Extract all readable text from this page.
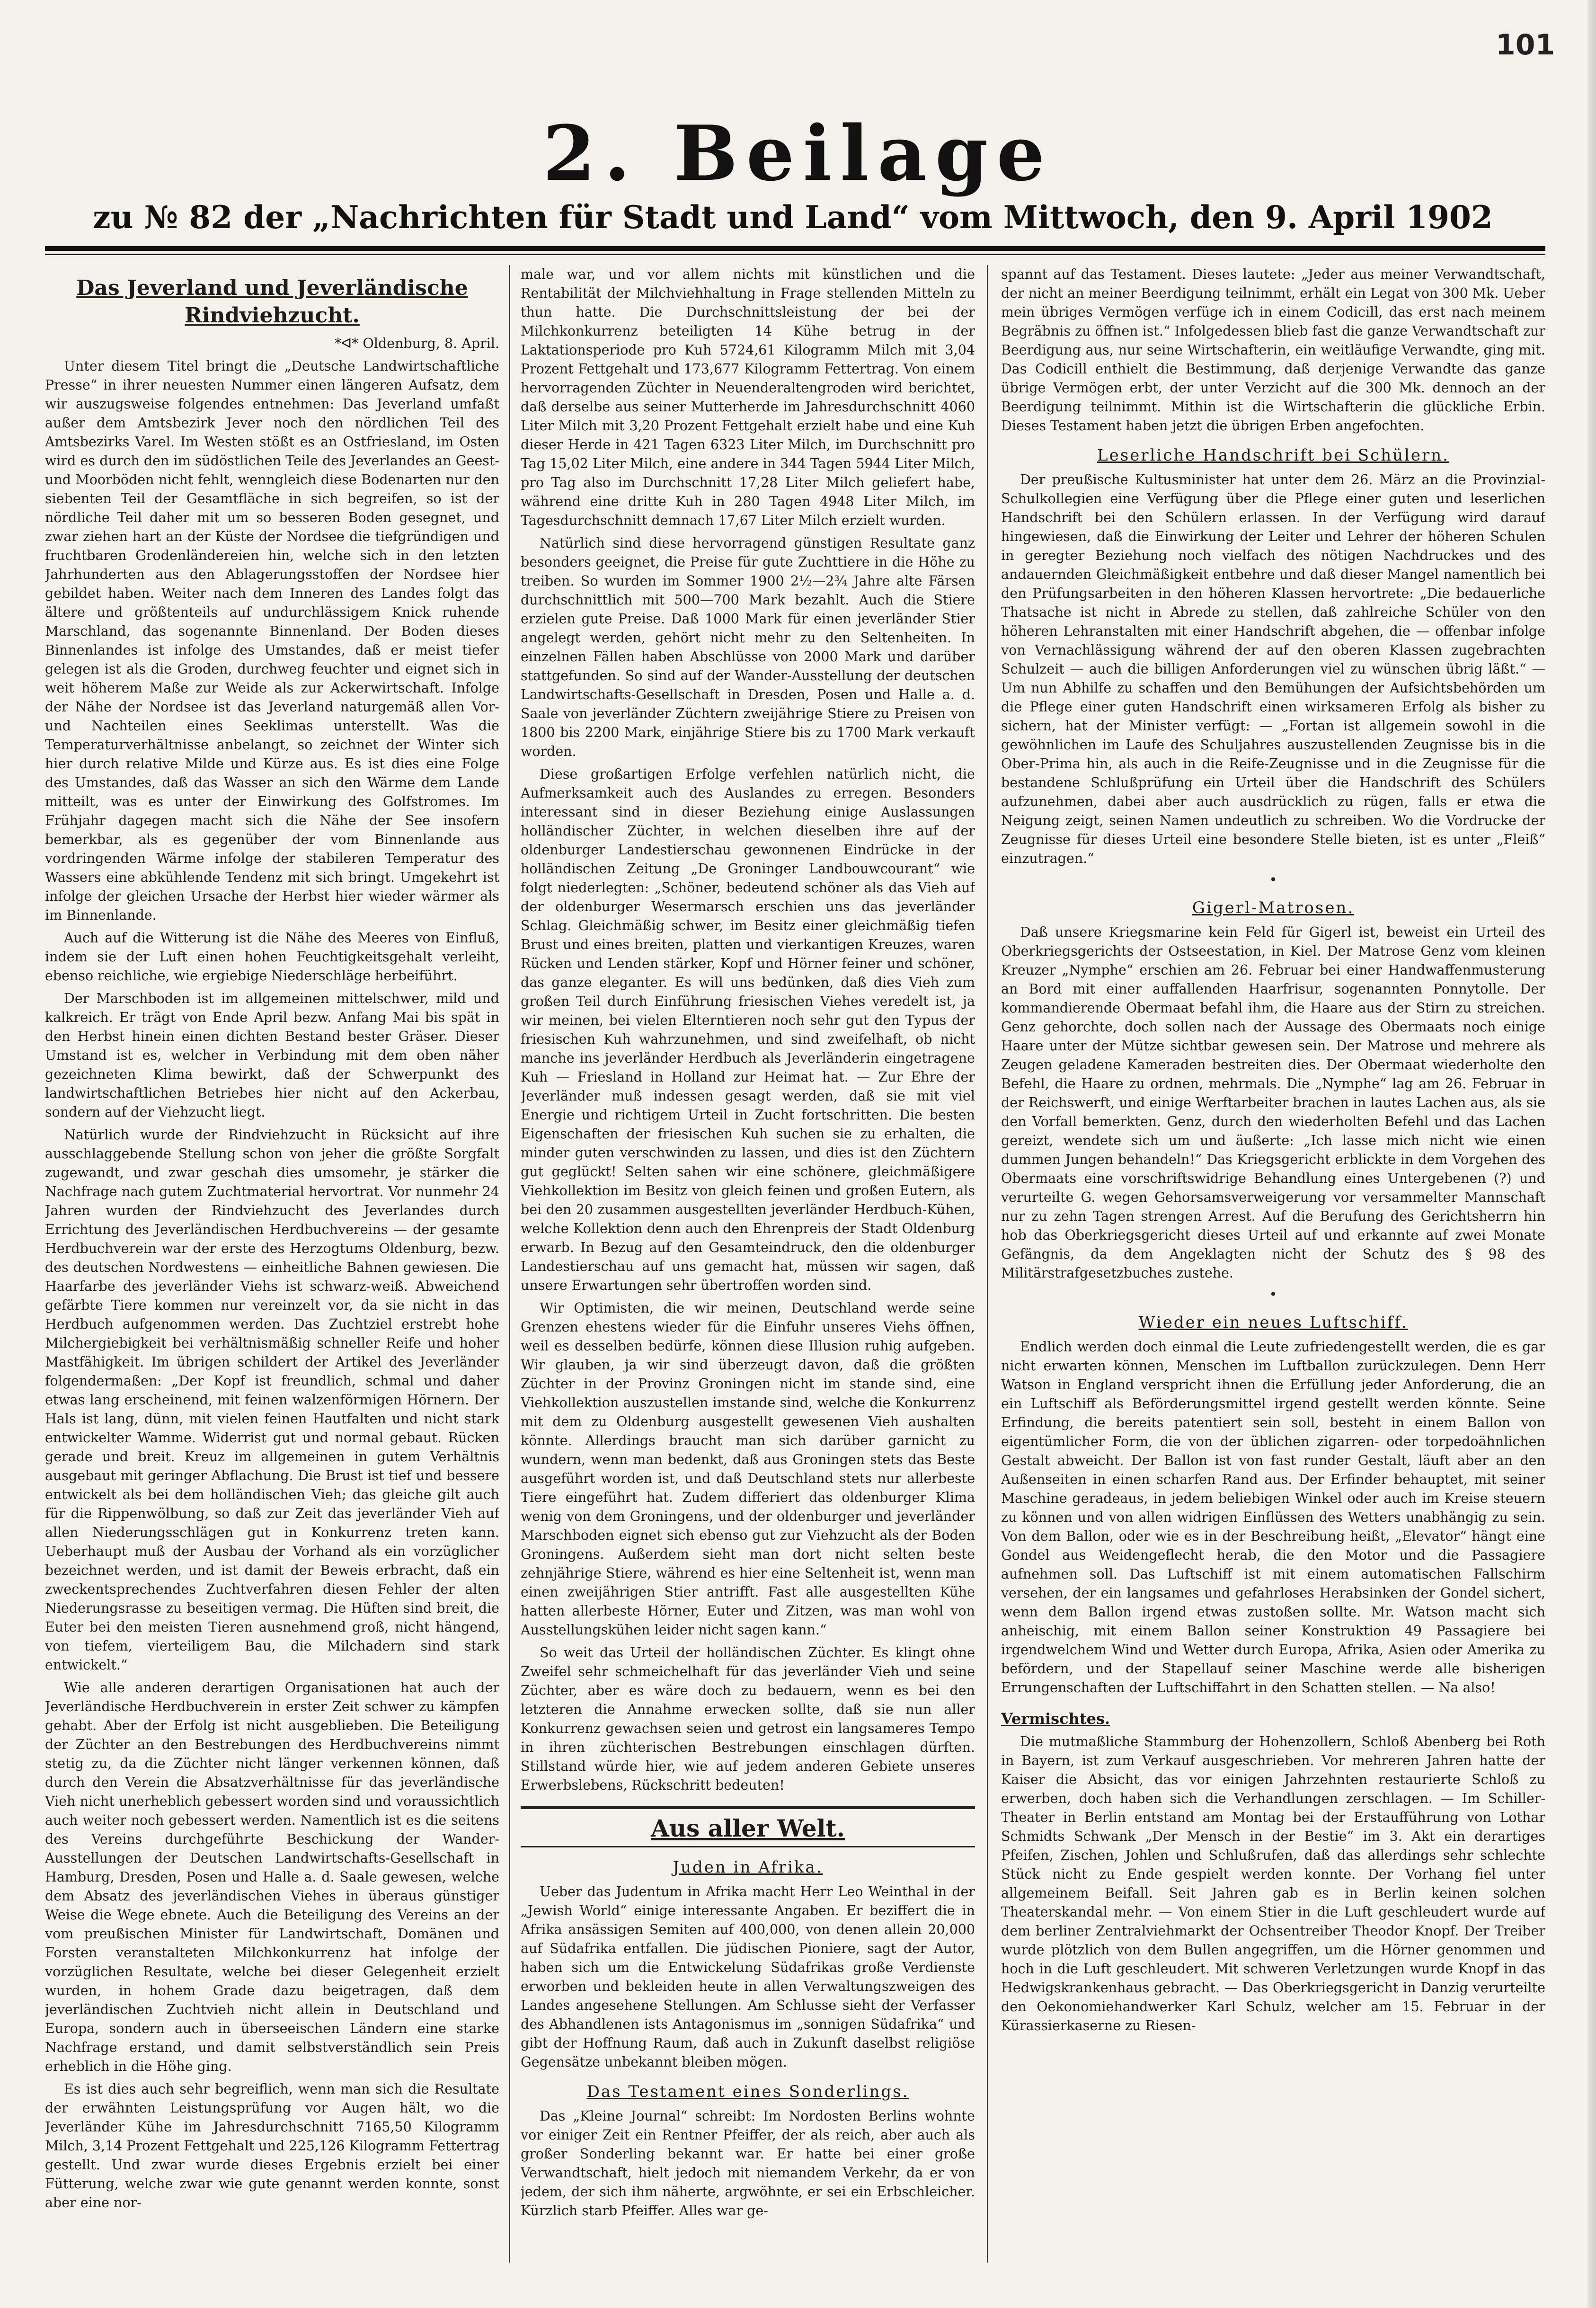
101
2. Beilage
zu № 82 der „Nachrichten für Stadt und Land“ vom Mittwoch, den 9. April 1902
Das Jeverland und Jeverländische Rindviehzucht.

*ᐊ* Oldenburg, 8. April.

Unter diesem Titel bringt die „Deutsche Landwirtschaftliche Presse“ in ihrer neuesten Nummer einen längeren Aufsatz, dem wir auszugsweise folgendes entnehmen: Das Jeverland umfaßt außer dem Amtsbezirk Jever noch den nördlichen Teil des Amtsbezirks Varel. Im Westen stößt es an Ostfriesland, im Osten wird es durch den im südöstlichen Teile des Jeverlandes an Geest- und Moorböden nicht fehlt, wenngleich diese Bodenarten nur den siebenten Teil der Gesamtfläche in sich begreifen, so ist der nördliche Teil daher mit um so besseren Boden gesegnet, und zwar ziehen hart an der Küste der Nordsee die tiefgründigen und fruchtbaren Grodenländereien hin, welche sich in den letzten Jahrhunderten aus den Ablagerungsstoffen der Nordsee hier gebildet haben. Weiter nach dem Inneren des Landes folgt das ältere und größtenteils auf undurchlässigem Knick ruhende Marschland, das sogenannte Binnenland. Der Boden dieses Binnenlandes ist infolge des Umstandes, daß er meist tiefer gelegen ist als die Groden, durchweg feuchter und eignet sich in weit höherem Maße zur Weide als zur Ackerwirtschaft. Infolge der Nähe der Nordsee ist das Jeverland naturgemäß allen Vor- und Nachteilen eines Seeklimas unterstellt. Was die Temperaturverhältnisse anbelangt, so zeichnet der Winter sich hier durch relative Milde und Kürze aus. Es ist dies eine Folge des Umstandes, daß das Wasser an sich den Wärme dem Lande mitteilt, was es unter der Einwirkung des Golfstromes. Im Frühjahr dagegen macht sich die Nähe der See insofern bemerkbar, als es gegenüber der vom Binnenlande aus vordringenden Wärme infolge der stabileren Temperatur des Wassers eine abkühlende Tendenz mit sich bringt. Umgekehrt ist infolge der gleichen Ursache der Herbst hier wieder wärmer als im Binnenlande.

Auch auf die Witterung ist die Nähe des Meeres von Einfluß, indem sie der Luft einen hohen Feuchtigkeitsgehalt verleiht, ebenso reichliche, wie ergiebige Niederschläge herbeiführt.

Der Marschboden ist im allgemeinen mittelschwer, mild und kalkreich. Er trägt von Ende April bezw. Anfang Mai bis spät in den Herbst hinein einen dichten Bestand bester Gräser. Dieser Umstand ist es, welcher in Verbindung mit dem oben näher gezeichneten Klima bewirkt, daß der Schwerpunkt des landwirtschaftlichen Betriebes hier nicht auf den Ackerbau, sondern auf der Viehzucht liegt.

Natürlich wurde der Rindviehzucht in Rücksicht auf ihre ausschlaggebende Stellung schon von jeher die größte Sorgfalt zugewandt, und zwar geschah dies umsomehr, je stärker die Nachfrage nach gutem Zuchtmaterial hervortrat. Vor nunmehr 24 Jahren wurden der Rindviehzucht des Jeverlandes durch Errichtung des Jeverländischen Herdbuchvereins — der gesamte Herdbuchverein war der erste des Herzogtums Oldenburg, bezw. des deutschen Nordwestens — einheitliche Bahnen gewiesen. Die Haarfarbe des jeverländer Viehs ist schwarz-weiß. Abweichend gefärbte Tiere kommen nur vereinzelt vor, da sie nicht in das Herdbuch aufgenommen werden. Das Zuchtziel erstrebt hohe Milchergiebigkeit bei verhältnismäßig schneller Reife und hoher Mastfähigkeit. Im übrigen schildert der Artikel des Jeverländer folgendermaßen: „Der Kopf ist freundlich, schmal und daher etwas lang erscheinend, mit feinen walzenförmigen Hörnern. Der Hals ist lang, dünn, mit vielen feinen Hautfalten und nicht stark entwickelter Wamme. Widerrist gut und normal gebaut. Rücken gerade und breit. Kreuz im allgemeinen in gutem Verhältnis ausgebaut mit geringer Abflachung. Die Brust ist tief und bessere entwickelt als bei dem holländischen Vieh; das gleiche gilt auch für die Rippenwölbung, so daß zur Zeit das jeverländer Vieh auf allen Niederungsschlägen gut in Konkurrenz treten kann. Ueberhaupt muß der Ausbau der Vorhand als ein vorzüglicher bezeichnet werden, und ist damit der Beweis erbracht, daß ein zweckentsprechendes Zuchtverfahren diesen Fehler der alten Niederungsrasse zu beseitigen vermag. Die Hüften sind breit, die Euter bei den meisten Tieren ausnehmend groß, nicht hängend, von tiefem, vierteiligem Bau, die Milchadern sind stark entwickelt.“

Wie alle anderen derartigen Organisationen hat auch der Jeverländische Herdbuchverein in erster Zeit schwer zu kämpfen gehabt. Aber der Erfolg ist nicht ausgeblieben. Die Beteiligung der Züchter an den Bestrebungen des Herdbuchvereins nimmt stetig zu, da die Züchter nicht länger verkennen können, daß durch den Verein die Absatzverhältnisse für das jeverländische Vieh nicht unerheblich gebessert worden sind und voraussichtlich auch weiter noch gebessert werden. Namentlich ist es die seitens des Vereins durchgeführte Beschickung der Wander-Ausstellungen der Deutschen Landwirtschafts-Gesellschaft in Hamburg, Dresden, Posen und Halle a. d. Saale gewesen, welche dem Absatz des jeverländischen Viehes in überaus günstiger Weise die Wege ebnete. Auch die Beteiligung des Vereins an der vom preußischen Minister für Landwirtschaft, Domänen und Forsten veranstalteten Milchkonkurrenz hat infolge der vorzüglichen Resultate, welche bei dieser Gelegenheit erzielt wurden, in hohem Grade dazu beigetragen, daß dem jeverländischen Zuchtvieh nicht allein in Deutschland und Europa, sondern auch in überseeischen Ländern eine starke Nachfrage erstand, und damit selbstverständlich sein Preis erheblich in die Höhe ging.

Es ist dies auch sehr begreiflich, wenn man sich die Resultate der erwähnten Leistungsprüfung vor Augen hält, wo die Jeverländer Kühe im Jahresdurchschnitt 7165,50 Kilogramm Milch, 3,14 Prozent Fettgehalt und 225,126 Kilogramm Fettertrag gestellt. Und zwar wurde dieses Ergebnis erzielt bei einer Fütterung, welche zwar wie gute genannt werden konnte, sonst aber eine nor-

male war, und vor allem nichts mit künstlichen und die Rentabilität der Milchviehhaltung in Frage stellenden Mitteln zu thun hatte. Die Durchschnittsleistung der bei der Milchkonkurrenz beteiligten 14 Kühe betrug in der Laktationsperiode pro Kuh 5724,61 Kilogramm Milch mit 3,04 Prozent Fettgehalt und 173,677 Kilogramm Fettertrag. Von einem hervorragenden Züchter in Neuenderaltengroden wird berichtet, daß derselbe aus seiner Mutterherde im Jahresdurchschnitt 4060 Liter Milch mit 3,20 Prozent Fettgehalt erzielt habe und eine Kuh dieser Herde in 421 Tagen 6323 Liter Milch, im Durchschnitt pro Tag 15,02 Liter Milch, eine andere in 344 Tagen 5944 Liter Milch, pro Tag also im Durchschnitt 17,28 Liter Milch geliefert habe, während eine dritte Kuh in 280 Tagen 4948 Liter Milch, im Tagesdurchschnitt demnach 17,67 Liter Milch erzielt wurden.

Natürlich sind diese hervorragend günstigen Resultate ganz besonders geeignet, die Preise für gute Zuchttiere in die Höhe zu treiben. So wurden im Sommer 1900 2½—2¾ Jahre alte Färsen durchschnittlich mit 500—700 Mark bezahlt. Auch die Stiere erzielen gute Preise. Daß 1000 Mark für einen jeverländer Stier angelegt werden, gehört nicht mehr zu den Seltenheiten. In einzelnen Fällen haben Abschlüsse von 2000 Mark und darüber stattgefunden. So sind auf der Wander-Ausstellung der deutschen Landwirtschafts-Gesellschaft in Dresden, Posen und Halle a. d. Saale von jeverländer Züchtern zweijährige Stiere zu Preisen von 1800 bis 2200 Mark, einjährige Stiere bis zu 1700 Mark verkauft worden.

Diese großartigen Erfolge verfehlen natürlich nicht, die Aufmerksamkeit auch des Auslandes zu erregen. Besonders interessant sind in dieser Beziehung einige Auslassungen holländischer Züchter, in welchen dieselben ihre auf der oldenburger Landestierschau gewonnenen Eindrücke in der holländischen Zeitung „De Groninger Landbouwcourant“ wie folgt niederlegten: „Schöner, bedeutend schöner als das Vieh auf der oldenburger Wesermarsch erschien uns das jeverländer Schlag. Gleichmäßig schwer, im Besitz einer gleichmäßig tiefen Brust und eines breiten, platten und vierkantigen Kreuzes, waren Rücken und Lenden stärker, Kopf und Hörner feiner und schöner, das ganze eleganter. Es will uns bedünken, daß dies Vieh zum großen Teil durch Einführung friesischen Viehes veredelt ist, ja wir meinen, bei vielen Elterntieren noch sehr gut den Typus der friesischen Kuh wahrzunehmen, und sind zweifelhaft, ob nicht manche ins jeverländer Herdbuch als Jeverländerin eingetragene Kuh — Friesland in Holland zur Heimat hat. — Zur Ehre der Jeverländer muß indessen gesagt werden, daß sie mit viel Energie und richtigem Urteil in Zucht fortschritten. Die besten Eigenschaften der friesischen Kuh suchen sie zu erhalten, die minder guten verschwinden zu lassen, und dies ist den Züchtern gut geglückt! Selten sahen wir eine schönere, gleichmäßigere Viehkollektion im Besitz von gleich feinen und großen Eutern, als bei den 20 zusammen ausgestellten jeverländer Herdbuch-Kühen, welche Kollektion denn auch den Ehrenpreis der Stadt Oldenburg erwarb. In Bezug auf den Gesamteindruck, den die oldenburger Landestierschau auf uns gemacht hat, müssen wir sagen, daß unsere Erwartungen sehr übertroffen worden sind.

Wir Optimisten, die wir meinen, Deutschland werde seine Grenzen ehestens wieder für die Einfuhr unseres Viehs öffnen, weil es desselben bedürfe, können diese Illusion ruhig aufgeben. Wir glauben, ja wir sind überzeugt davon, daß die größten Züchter in der Provinz Groningen nicht im stande sind, eine Viehkollektion auszustellen imstande sind, welche die Konkurrenz mit dem zu Oldenburg ausgestellt gewesenen Vieh aushalten könnte. Allerdings braucht man sich darüber garnicht zu wundern, wenn man bedenkt, daß aus Groningen stets das Beste ausgeführt worden ist, und daß Deutschland stets nur allerbeste Tiere eingeführt hat. Zudem differiert das oldenburger Klima wenig von dem Groningens, und der oldenburger und jeverländer Marschboden eignet sich ebenso gut zur Viehzucht als der Boden Groningens. Außerdem sieht man dort nicht selten beste zehnjährige Stiere, während es hier eine Seltenheit ist, wenn man einen zweijährigen Stier antrifft. Fast alle ausgestellten Kühe hatten allerbeste Hörner, Euter und Zitzen, was man wohl von Ausstellungskühen leider nicht sagen kann.“

So weit das Urteil der holländischen Züchter. Es klingt ohne Zweifel sehr schmeichelhaft für das jeverländer Vieh und seine Züchter, aber es wäre doch zu bedauern, wenn es bei den letzteren die Annahme erwecken sollte, daß sie nun aller Konkurrenz gewachsen seien und getrost ein langsameres Tempo in ihren züchterischen Bestrebungen einschlagen dürften. Stillstand würde hier, wie auf jedem anderen Gebiete unseres Erwerbslebens, Rückschritt bedeuten!

Aus aller Welt.
Juden in Afrika.

Ueber das Judentum in Afrika macht Herr Leo Weinthal in der „Jewish World“ einige interessante Angaben. Er beziffert die in Afrika ansässigen Semiten auf 400,000, von denen allein 20,000 auf Südafrika entfallen. Die jüdischen Pioniere, sagt der Autor, haben sich um die Entwickelung Südafrikas große Verdienste erworben und bekleiden heute in allen Verwaltungszweigen des Landes angesehene Stellungen. Am Schlusse sieht der Verfasser des Abhandlenen ists Antagonismus im „sonnigen Südafrika“ und gibt der Hoffnung Raum, daß auch in Zukunft daselbst religiöse Gegensätze unbekannt bleiben mögen.

Das Testament eines Sonderlings.

Das „Kleine Journal“ schreibt: Im Nordosten Berlins wohnte vor einiger Zeit ein Rentner Pfeiffer, der als reich, aber auch als großer Sonderling bekannt war. Er hatte bei einer große Verwandtschaft, hielt jedoch mit niemandem Verkehr, da er von jedem, der sich ihm näherte, argwöhnte, er sei ein Erbschleicher. Kürzlich starb Pfeiffer. Alles war ge-

spannt auf das Testament. Dieses lautete: „Jeder aus meiner Verwandtschaft, der nicht an meiner Beerdigung teilnimmt, erhält ein Legat von 300 Mk. Ueber mein übriges Vermögen verfüge ich in einem Codicill, das erst nach meinem Begräbnis zu öffnen ist.“ Infolgedessen blieb fast die ganze Verwandtschaft zur Beerdigung aus, nur seine Wirtschafterin, ein weitläufige Verwandte, ging mit. Das Codicill enthielt die Bestimmung, daß derjenige Verwandte das ganze übrige Vermögen erbt, der unter Verzicht auf die 300 Mk. dennoch an der Beerdigung teilnimmt. Mithin ist die Wirtschafterin die glückliche Erbin. Dieses Testament haben jetzt die übrigen Erben angefochten.

Leserliche Handschrift bei Schülern.

Der preußische Kultusminister hat unter dem 26. März an die Provinzial-Schulkollegien eine Verfügung über die Pflege einer guten und leserlichen Handschrift bei den Schülern erlassen. In der Verfügung wird darauf hingewiesen, daß die Einwirkung der Leiter und Lehrer der höheren Schulen in geregter Beziehung noch vielfach des nötigen Nachdruckes und des andauernden Gleichmäßigkeit entbehre und daß dieser Mangel namentlich bei den Prüfungsarbeiten in den höheren Klassen hervortrete: „Die bedauerliche Thatsache ist nicht in Abrede zu stellen, daß zahlreiche Schüler von den höheren Lehranstalten mit einer Handschrift abgehen, die — offenbar infolge von Vernachlässigung während der auf den oberen Klassen zugebrachten Schulzeit — auch die billigen Anforderungen viel zu wünschen übrig läßt.“ — Um nun Abhilfe zu schaffen und den Bemühungen der Aufsichtsbehörden um die Pflege einer guten Handschrift einen wirksameren Erfolg als bisher zu sichern, hat der Minister verfügt: — „Fortan ist allgemein sowohl in die gewöhnlichen im Laufe des Schuljahres auszustellenden Zeugnisse bis in die Ober-Prima hin, als auch in die Reife-Zeugnisse und in die Zeugnisse für die bestandene Schlußprüfung ein Urteil über die Handschrift des Schülers aufzunehmen, dabei aber auch ausdrücklich zu rügen, falls er etwa die Neigung zeigt, seinen Namen undeutlich zu schreiben. Wo die Vordrucke der Zeugnisse für dieses Urteil eine besondere Stelle bieten, ist es unter „Fleiß“ einzutragen.“

•
Gigerl-Matrosen.

Daß unsere Kriegsmarine kein Feld für Gigerl ist, beweist ein Urteil des Oberkriegsgerichts der Ostseestation, in Kiel. Der Matrose Genz vom kleinen Kreuzer „Nymphe“ erschien am 26. Februar bei einer Handwaffenmusterung an Bord mit einer auffallenden Haarfrisur, sogenannten Ponnytolle. Der kommandierende Obermaat befahl ihm, die Haare aus der Stirn zu streichen. Genz gehorchte, doch sollen nach der Aussage des Obermaats noch einige Haare unter der Mütze sichtbar gewesen sein. Der Matrose und mehrere als Zeugen geladene Kameraden bestreiten dies. Der Obermaat wiederholte den Befehl, die Haare zu ordnen, mehrmals. Die „Nymphe“ lag am 26. Februar in der Reichswerft, und einige Werftarbeiter brachen in lautes Lachen aus, als sie den Vorfall bemerkten. Genz, durch den wiederholten Befehl und das Lachen gereizt, wendete sich um und äußerte: „Ich lasse mich nicht wie einen dummen Jungen behandeln!“ Das Kriegsgericht erblickte in dem Vorgehen des Obermaats eine vorschriftswidrige Behandlung eines Untergebenen (?) und verurteilte G. wegen Gehorsamsverweigerung vor versammelter Mannschaft nur zu zehn Tagen strengen Arrest. Auf die Berufung des Gerichtsherrn hin hob das Oberkriegsgericht dieses Urteil auf und erkannte auf zwei Monate Gefängnis, da dem Angeklagten nicht der Schutz des § 98 des Militärstrafgesetzbuches zustehe.

•
Wieder ein neues Luftschiff.

Endlich werden doch einmal die Leute zufriedengestellt werden, die es gar nicht erwarten können, Menschen im Luftballon zurückzulegen. Denn Herr Watson in England verspricht ihnen die Erfüllung jeder Anforderung, die an ein Luftschiff als Beförderungsmittel irgend gestellt werden könnte. Seine Erfindung, die bereits patentiert sein soll, besteht in einem Ballon von eigentümlicher Form, die von der üblichen zigarren- oder torpedoähnlichen Gestalt abweicht. Der Ballon ist von fast runder Gestalt, läuft aber an den Außenseiten in einen scharfen Rand aus. Der Erfinder behauptet, mit seiner Maschine geradeaus, in jedem beliebigen Winkel oder auch im Kreise steuern zu können und von allen widrigen Einflüssen des Wetters unabhängig zu sein. Von dem Ballon, oder wie es in der Beschreibung heißt, „Elevator“ hängt eine Gondel aus Weidengeflecht herab, die den Motor und die Passagiere aufnehmen soll. Das Luftschiff ist mit einem automatischen Fallschirm versehen, der ein langsames und gefahrloses Herabsinken der Gondel sichert, wenn dem Ballon irgend etwas zustoßen sollte. Mr. Watson macht sich anheischig, mit einem Ballon seiner Konstruktion 49 Passagiere bei irgendwelchem Wind und Wetter durch Europa, Afrika, Asien oder Amerika zu befördern, und der Stapellauf seiner Maschine werde alle bisherigen Errungenschaften der Luftschiffahrt in den Schatten stellen. — Na also!

Vermischtes.

Die mutmaßliche Stammburg der Hohenzollern, Schloß Abenberg bei Roth in Bayern, ist zum Verkauf ausgeschrieben. Vor mehreren Jahren hatte der Kaiser die Absicht, das vor einigen Jahrzehnten restaurierte Schloß zu erwerben, doch haben sich die Verhandlungen zerschlagen. — Im Schiller-Theater in Berlin entstand am Montag bei der Erstaufführung von Lothar Schmidts Schwank „Der Mensch in der Bestie“ im 3. Akt ein derartiges Pfeifen, Zischen, Johlen und Schlußrufen, daß das allerdings sehr schlechte Stück nicht zu Ende gespielt werden konnte. Der Vorhang fiel unter allgemeinem Beifall. Seit Jahren gab es in Berlin keinen solchen Theaterskandal mehr. — Von einem Stier in die Luft geschleudert wurde auf dem berliner Zentralviehmarkt der Ochsentreiber Theodor Knopf. Der Treiber wurde plötzlich von dem Bullen angegriffen, um die Hörner genommen und hoch in die Luft geschleudert. Mit schweren Verletzungen wurde Knopf in das Hedwigskrankenhaus gebracht. — Das Oberkriegsgericht in Danzig verurteilte den Oekonomiehandwerker Karl Schulz, welcher am 15. Februar in der Kürassierkaserne zu Riesen-
